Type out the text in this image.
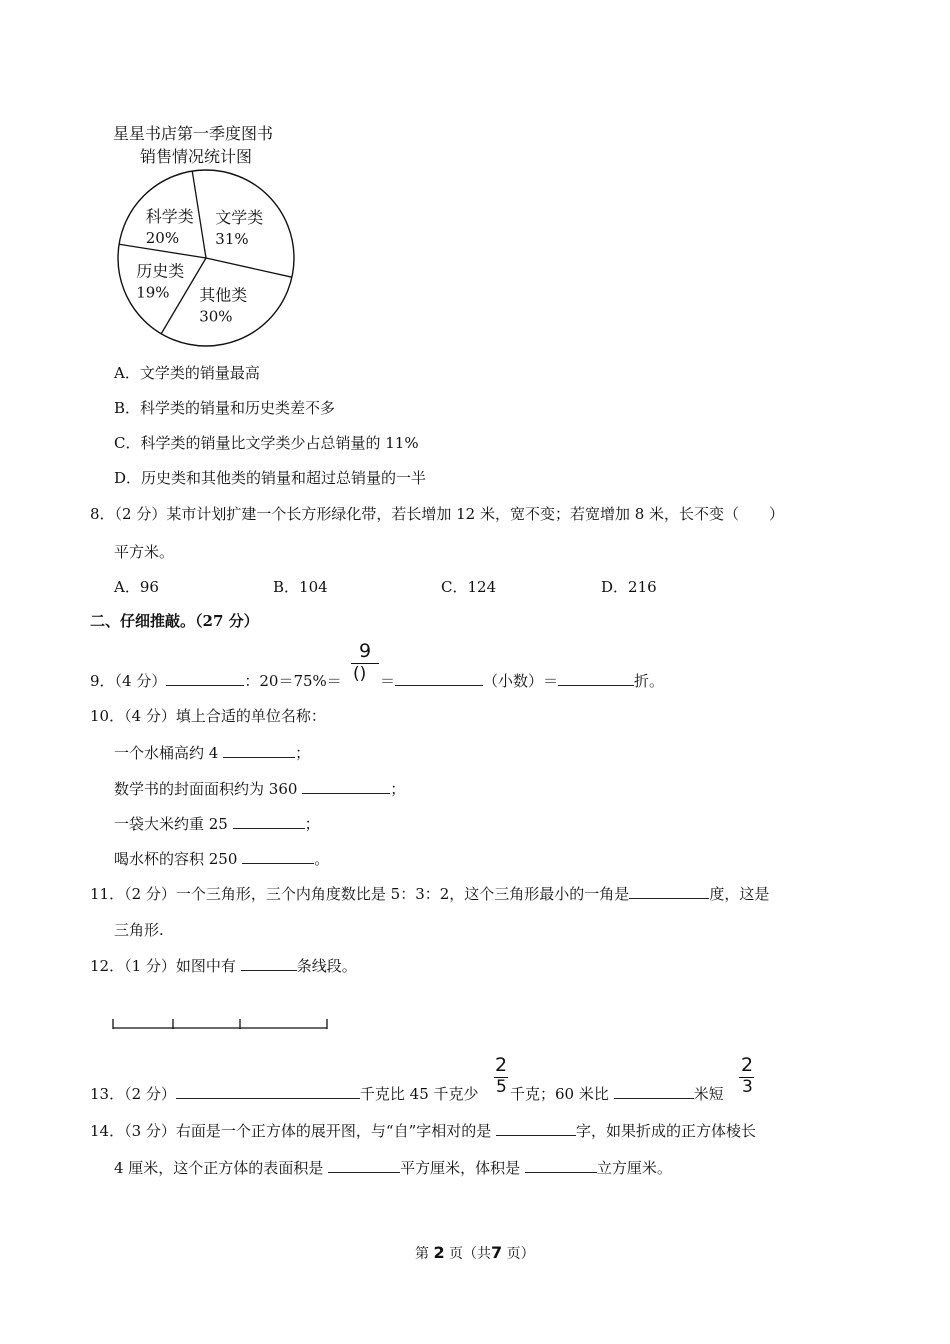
星星书店第一季度图书
销售情况统计图
文学类
31%
其他类
30%
历史类
19%
科学类
20%
A．文学类的销量最高
B．科学类的销量和历史类差不多
C．科学类的销量比文学类少占总销量的 11%
D．历史类和其他类的销量和超过总销量的一半
8．（2 分）某市计划扩建一个长方形绿化带，若长增加 12 米，宽不变；若宽增加 8 米，长不变（　　）
平方米。
A．96	B．104	C．124	D．216
二、仔细推敲。（27 分）
9．（4 分）	：20＝75%＝
9
() ＝	（小数）＝	折。
10．（4 分）填上合适的单位名称：
一个水桶高约 4	；
数学书的封面面积约为 360	；
一袋大米约重 25	；
喝水杯的容积 250	。
11．（2 分）一个三角形，三个内角度数比是 5：3：2，这个三角形最小的一角是	度，这是
三角形.
12．（1 分）如图中有	条线段。
13．（2 分）	千克比 45 千克少
2
5 千克；60 米比	米短
2
3
14．（3 分）右面是一个正方体的展开图，与“自”字相对的是	字，如果折成的正方体棱长
4 厘米，这个正方体的表面积是	平方厘米，体积是	立方厘米。
第 2 页（共7 页）
